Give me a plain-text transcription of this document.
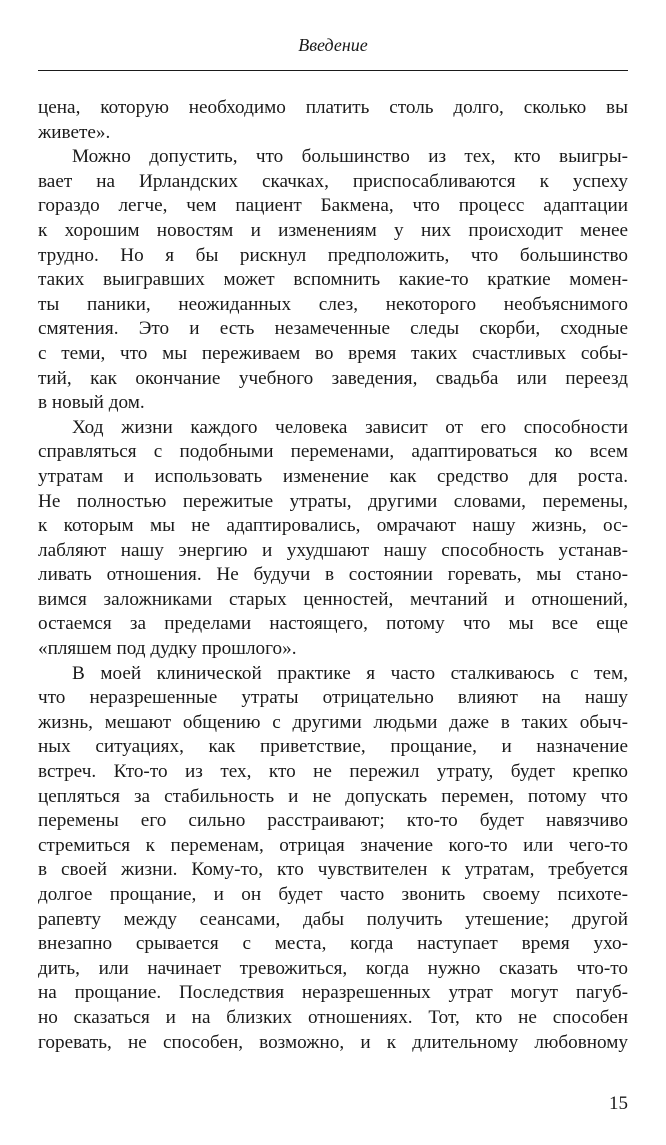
Введение

цена, которую необходимо платить столь долго, сколько вы
живете».

Можно допустить, что большинство из тех, кто выигры-
вает на Ирландских скачках, приспосабливаются к успеху
гораздо легче, чем пациент Бакмена, что процесс адаптации
к хорошим новостям и изменениям у них происходит менее
трудно. Но я бы рискнул предположить, что большинство
таких выигравших может вспомнить какие-то краткие момен-
ты паники, неожиданных слез, некоторого необъяснимого
смятения. Это и есть незамеченные следы скорби, сходные
с теми, что мы переживаем во время таких счастливых собы-
тий, как окончание учебного заведения, свадьба или переезд
в новый дом.

Ход жизни каждого человека зависит от его способности
справляться с подобными переменами, адаптироваться ко всем
утратам и использовать изменение как средство для роста.
Не полностью пережитые утраты, другими словами, перемены,
к которым мы не адаптировались, омрачают нашу жизнь, ос-
лабляют нашу энергию и ухудшают нашу способность устанав-
ливать отношения. Не будучи в состоянии горевать, мы стано-
вимся заложниками старых ценностей, мечтаний и отношений,
остаемся за пределами настоящего, потому что мы все еще
«пляшем под дудку прошлого».

В моей клинической практике я часто сталкиваюсь с тем,
что неразрешенные утраты отрицательно влияют на нашу
жизнь, мешают общению с другими людьми даже в таких обыч-
ных ситуациях, как приветствие, прощание, и назначение
встреч. Кто-то из тех, кто не пережил утрату, будет крепко
цепляться за стабильность и не допускать перемен, потому что
перемены его сильно расстраивают; кто-то будет навязчиво
стремиться к переменам, отрицая значение кого-то или чего-то
в своей жизни. Кому-то, кто чувствителен к утратам, требуется
долгое прощание, и он будет часто звонить своему психоте-
рапевту между сеансами, дабы получить утешение; другой
внезапно срывается с места, когда наступает время ухо-
дить, или начинает тревожиться, когда нужно сказать что-то
на прощание. Последствия неразрешенных утрат могут пагуб-
но сказаться и на близких отношениях. Тот, кто не способен
горевать, не способен, возможно, и к длительному любовному

15
